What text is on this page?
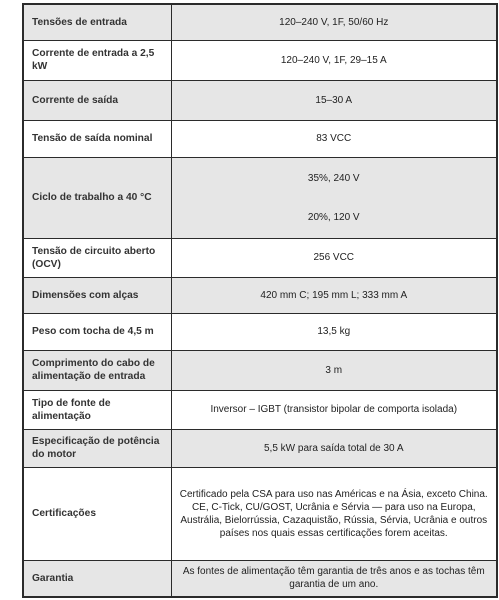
Tensões de entrada	120–240 V, 1F, 50/60 Hz
Corrente de entrada a 2,5 kW	120–240 V, 1F, 29–15 A
Corrente de saída	15–30 A
Tensão de saída nominal	83 VCC
Ciclo de trabalho a 40 °C	35%, 240 V
20%, 120 V

Tensão de circuito aberto (OCV)	256 VCC
Dimensões com alças	420 mm C; 195 mm L; 333 mm A
Peso com tocha de 4,5 m	13,5 kg
Comprimento do cabo de alimentação de entrada	3 m
Tipo de fonte de alimentação	Inversor – IGBT (transistor bipolar de comporta isolada)
Especificação de potência do motor	5,5 kW para saída total de 30 A
Certificações	Certificado pela CSA para uso nas Américas e na Ásia, exceto China. CE, C-Tick, CU/GOST, Ucrânia e Sérvia — para uso na Europa, Austrália, Bielorrússia, Cazaquistão, Rússia, Sérvia, Ucrânia e outros países nos quais essas certificações forem aceitas.
Garantia	As fontes de alimentação têm garantia de três anos e as tochas têm garantia de um ano.
